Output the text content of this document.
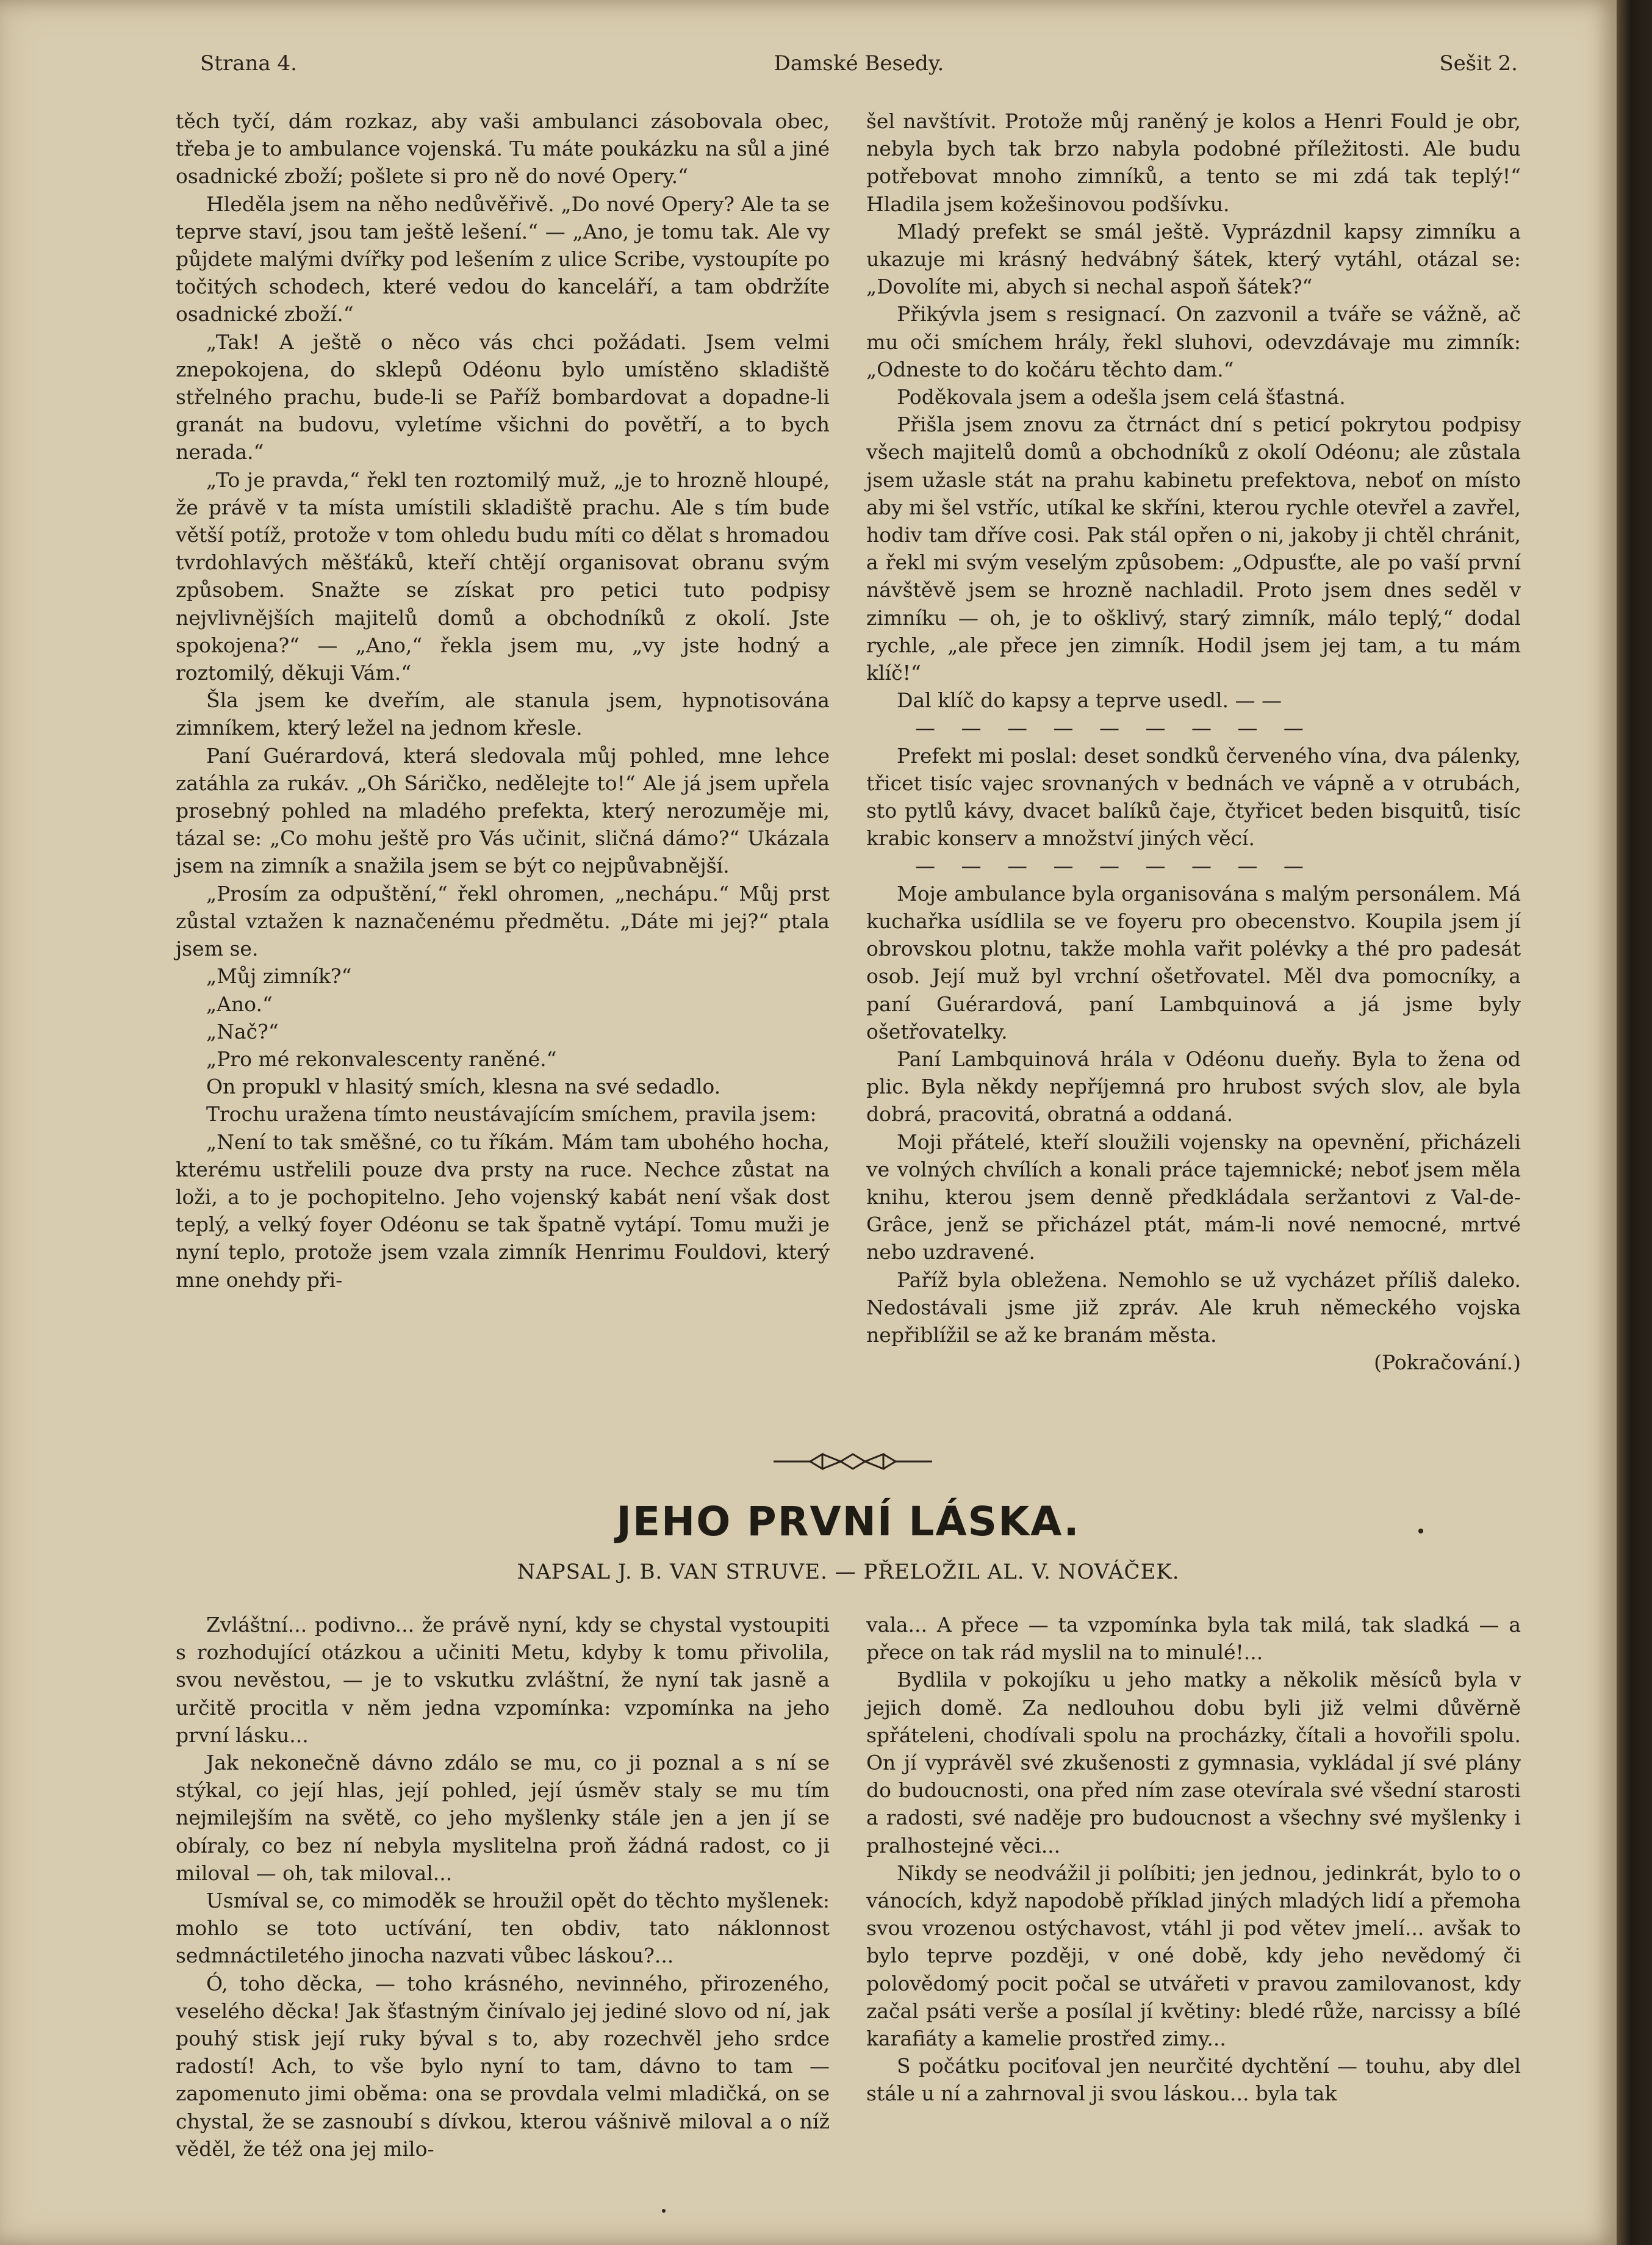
Strana 4.	Damské Besedy.	Sešit 2.

těch tyčí, dám rozkaz, aby vaši ambulanci zásobovala obec, třeba je to ambulance vojenská. Tu máte poukázku na sůl a jiné osadnické zboží; pošlete si pro ně do nové Opery.“

Hleděla jsem na něho nedůvěřivě. „Do nové Opery? Ale ta se teprve staví, jsou tam ještě lešení.“ — „Ano, je tomu tak. Ale vy půjdete malými dvířky pod lešením z ulice Scribe, vystoupíte po točitých schodech, které vedou do kanceláří, a tam obdržíte osadnické zboží.“

„Tak! A ještě o něco vás chci požádati. Jsem velmi znepokojena, do sklepů Odéonu bylo umístěno skladiště střelného prachu, bude-li se Paříž bombardovat a dopadne-li granát na budovu, vyletíme všichni do povětří, a to bych nerada.“

„To je pravda,“ řekl ten roztomilý muž, „je to hrozně hloupé, že právě v ta místa umístili skladiště prachu. Ale s tím bude větší potíž, protože v tom ohledu budu míti co dělat s hromadou tvrdohlavých měšťáků, kteří chtějí organisovat obranu svým způsobem. Snažte se získat pro petici tuto podpisy nejvlivnějších majitelů domů a obchodníků z okolí. Jste spokojena?“ — „Ano,“ řekla jsem mu, „vy jste hodný a roztomilý, děkuji Vám.“

Šla jsem ke dveřím, ale stanula jsem, hypnotisována zimníkem, který ležel na jednom křesle.

Paní Guérardová, která sledovala můj pohled, mne lehce zatáhla za rukáv. „Oh Sáričko, nedělejte to!“ Ale já jsem upřela prosebný pohled na mladého prefekta, který nerozuměje mi, tázal se: „Co mohu ještě pro Vás učinit, sličná dámo?“ Ukázala jsem na zimník a snažila jsem se být co nejpůvabnější.

„Prosím za odpuštění,“ řekl ohromen, „nechápu.“ Můj prst zůstal vztažen k naznačenému předmětu. „Dáte mi jej?“ ptala jsem se.

„Můj zimník?“

„Ano.“

„Nač?“

„Pro mé rekonvalescenty raněné.“

On propukl v hlasitý smích, klesna na své sedadlo.

Trochu uražena tímto neustávajícím smíchem, pravila jsem:

„Není to tak směšné, co tu říkám. Mám tam ubohého hocha, kterému ustřelili pouze dva prsty na ruce. Nechce zůstat na loži, a to je pochopitelno. Jeho vojenský kabát není však dost teplý, a velký foyer Odéonu se tak špatně vytápí. Tomu muži je nyní teplo, protože jsem vzala zimník Henrimu Fouldovi, který mne onehdy při-

šel navštívit. Protože můj raněný je kolos a Henri Fould je obr, nebyla bych tak brzo nabyla podobné příležitosti. Ale budu potřebovat mnoho zimníků, a tento se mi zdá tak teplý!“ Hladila jsem kožešinovou podšívku.

Mladý prefekt se smál ještě. Vyprázdnil kapsy zimníku a ukazuje mi krásný hedvábný šátek, který vytáhl, otázal se: „Dovolíte mi, abych si nechal aspoň šátek?“

Přikývla jsem s resignací. On zazvonil a tváře se vážně, ač mu oči smíchem hrály, řekl sluhovi, odevzdávaje mu zimník: „Odneste to do kočáru těchto dam.“

Poděkovala jsem a odešla jsem celá šťastná.

Přišla jsem znovu za čtrnáct dní s peticí pokrytou podpisy všech majitelů domů a obchodníků z okolí Odéonu; ale zůstala jsem užasle stát na prahu kabinetu prefektova, neboť on místo aby mi šel vstříc, utíkal ke skříni, kterou rychle otevřel a zavřel, hodiv tam dříve cosi. Pak stál opřen o ni, jakoby ji chtěl chránit, a řekl mi svým veselým způsobem: „Odpusťte, ale po vaší první návštěvě jsem se hrozně nachladil. Proto jsem dnes seděl v zimníku — oh, je to ošklivý, starý zimník, málo teplý,“ dodal rychle, „ale přece jen zimník. Hodil jsem jej tam, a tu mám klíč!“

Dal klíč do kapsy a teprve usedl. — —

— — — — — — — — —

Prefekt mi poslal: deset sondků červeného vína, dva pálenky, třicet tisíc vajec srovnaných v bednách ve vápně a v otrubách, sto pytlů kávy, dvacet balíků čaje, čtyřicet beden bisquitů, tisíc krabic konserv a množství jiných věcí.

— — — — — — — — —

Moje ambulance byla organisována s malým personálem. Má kuchařka usídlila se ve foyeru pro obecenstvo. Koupila jsem jí obrovskou plotnu, takže mohla vařit polévky a thé pro padesát osob. Její muž byl vrchní ošetřovatel. Měl dva pomocníky, a paní Guérardová, paní Lambquinová a já jsme byly ošetřovatelky.

Paní Lambquinová hrála v Odéonu dueňy. Byla to žena od plic. Byla někdy nepříjemná pro hrubost svých slov, ale byla dobrá, pracovitá, obratná a oddaná.

Moji přátelé, kteří sloužili vojensky na opevnění, přicházeli ve volných chvílích a konali práce tajemnické; neboť jsem měla knihu, kterou jsem denně předkládala seržantovi z Val-de-Grâce, jenž se přicházel ptát, mám-li nové nemocné, mrtvé nebo uzdravené.

Paříž byla obležena. Nemohlo se už vycházet příliš daleko. Nedostávali jsme již zpráv. Ale kruh německého vojska nepřiblížil se až ke branám města.

(Pokračování.)

JEHO PRVNÍ LÁSKA.
NAPSAL J. B. VAN STRUVE. — PŘELOŽIL AL. V. NOVÁČEK.

Zvláštní... podivno... že právě nyní, kdy se chystal vystoupiti s rozhodující otázkou a učiniti Metu, kdyby k tomu přivolila, svou nevěstou, — je to vskutku zvláštní, že nyní tak jasně a určitě procitla v něm jedna vzpomínka: vzpomínka na jeho první lásku...

Jak nekonečně dávno zdálo se mu, co ji poznal a s ní se stýkal, co její hlas, její pohled, její úsměv staly se mu tím nejmilejším na světě, co jeho myšlenky stále jen a jen jí se obíraly, co bez ní nebyla myslitelna proň žádná radost, co ji miloval — oh, tak miloval...

Usmíval se, co mimoděk se hroužil opět do těchto myšlenek: mohlo se toto uctívání, ten obdiv, tato náklonnost sedmnáctiletého jinocha nazvati vůbec láskou?...

Ó, toho děcka, — toho krásného, nevinného, přirozeného, veselého děcka! Jak šťastným činívalo jej jediné slovo od ní, jak pouhý stisk její ruky býval s to, aby rozechvěl jeho srdce radostí! Ach, to vše bylo nyní to tam, dávno to tam — zapomenuto jimi oběma: ona se provdala velmi mladičká, on se chystal, že se zasnoubí s dívkou, kterou vášnivě miloval a o níž věděl, že též ona jej milo-

vala... A přece — ta vzpomínka byla tak milá, tak sladká — a přece on tak rád myslil na to minulé!...

Bydlila v pokojíku u jeho matky a několik měsíců byla v jejich domě. Za nedlouhou dobu byli již velmi důvěrně spřáteleni, chodívali spolu na procházky, čítali a hovořili spolu. On jí vyprávěl své zkušenosti z gymnasia, vykládal jí své plány do budoucnosti, ona před ním zase otevírala své všední starosti a radosti, své naděje pro budoucnost a všechny své myšlenky i pralhostejné věci...

Nikdy se neodvážil ji políbiti; jen jednou, jedinkrát, bylo to o vánocích, když napodobě příklad jiných mladých lidí a přemoha svou vrozenou ostýchavost, vtáhl ji pod větev jmelí... avšak to bylo teprve později, v oné době, kdy jeho nevědomý či polovědomý pocit počal se utvářeti v pravou zamilovanost, kdy začal psáti verše a posílal jí květiny: bledé růže, narcissy a bílé karafiáty a kamelie prostřed zimy...

S počátku pociťoval jen neurčité dychtění — touhu, aby dlel stále u ní a zahrnoval ji svou láskou... byla tak
